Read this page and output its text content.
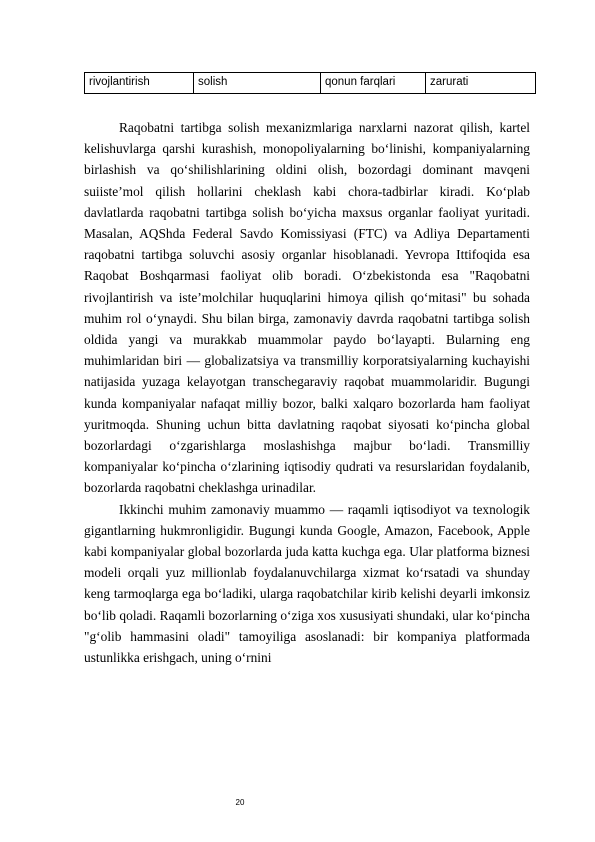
rivojlantirish	solish	qonun farqlari	zarurati

Raqobatni tartibga solish mexanizmlariga narxlarni nazorat qilish, kartel kelishuvlarga qarshi kurashish, monopoliyalarning bo‘linishi, kompaniyalarning birlashish va qo‘shilishlarining oldini olish, bozordagi dominant mavqeni suiiste’mol qilish hollarini cheklash kabi chora-tadbirlar kiradi. Ko‘plab davlatlarda raqobatni tartibga solish bo‘yicha maxsus organlar faoliyat yuritadi. Masalan, AQShda Federal Savdo Komissiyasi (FTC) va Adliya Departamenti raqobatni tartibga soluvchi asosiy organlar hisoblanadi. Yevropa Ittifoqida esa Raqobat Boshqarmasi faoliyat olib boradi. O‘zbekistonda esa "Raqobatni rivojlantirish va iste’molchilar huquqlarini himoya qilish qo‘mitasi" bu sohada muhim rol o‘ynaydi. Shu bilan birga, zamonaviy davrda raqobatni tartibga solish oldida yangi va murakkab muammolar paydo bo‘layapti. Bularning eng muhimlaridan biri — globalizatsiya va transmilliy korporatsiyalarning kuchayishi natijasida yuzaga kelayotgan transchegaraviy raqobat muammolaridir. Bugungi kunda kompaniyalar nafaqat milliy bozor, balki xalqaro bozorlarda ham faoliyat yuritmoqda. Shuning uchun bitta davlatning raqobat siyosati ko‘pincha global bozorlardagi o‘zgarishlarga moslashishga majbur bo‘ladi. Transmilliy kompaniyalar ko‘pincha o‘zlarining iqtisodiy qudrati va resurslaridan foydalanib, bozorlarda raqobatni cheklashga urinadilar.

Ikkinchi muhim zamonaviy muammo — raqamli iqtisodiyot va texnologik gigantlarning hukmronligidir. Bugungi kunda Google, Amazon, Facebook, Apple kabi kompaniyalar global bozorlarda juda katta kuchga ega. Ular platforma biznesi modeli orqali yuz millionlab foydalanuvchilarga xizmat ko‘rsatadi va shunday keng tarmoqlarga ega bo‘ladiki, ularga raqobatchilar kirib kelishi deyarli imkonsiz bo‘lib qoladi. Raqamli bozorlarning o‘ziga xos xususiyati shundaki, ular ko‘pincha "g‘olib hammasini oladi" tamoyiliga asoslanadi: bir kompaniya platformada ustunlikka erishgach, uning o‘rnini

20
